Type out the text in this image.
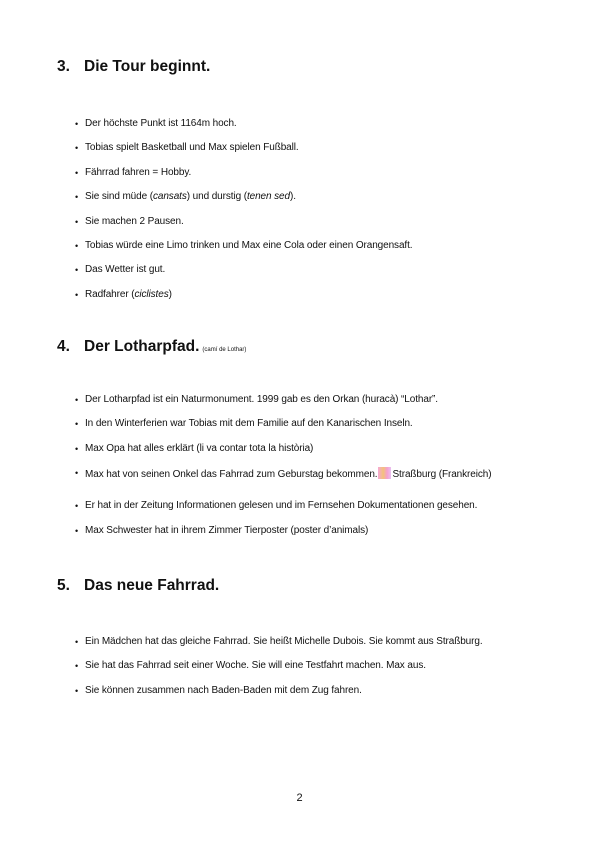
3. Die Tour beginnt.
• Der höchste Punkt ist 1164m hoch.
• Tobias spielt Basketball und Max spielen Fußball.
• Fährrad fahren = Hobby.
• Sie sind müde (cansats) und durstig (tenen sed).
• Sie machen 2 Pausen.
• Tobias würde eine Limo trinken und Max eine Cola oder einen Orangensaft.
• Das Wetter ist gut.
• Radfahrer (ciclistes)
4. Der Lotharpfad. (camí de Lothar)
• Der Lotharpfad ist ein Naturmonument. 1999 gab es den Orkan (huracà) “Lothar”.
• In den Winterferien war Tobias mit dem Familie auf den Kanarischen Inseln.
• Max Opa hat alles erklärt (li va contar tota la història)
• Max hat von seinen Onkel das Fahrrad zum Geburstag bekommen. Straßburg (Frankreich)
• Er hat in der Zeitung Informationen gelesen und im Fernsehen Dokumentationen gesehen.
• Max Schwester hat in ihrem Zimmer Tierposter (poster d’animals)
5. Das neue Fahrrad.
• Ein Mädchen hat das gleiche Fahrrad. Sie heißt Michelle Dubois. Sie kommt aus Straßburg.
• Sie hat das Fahrrad seit einer Woche. Sie will eine Testfahrt machen. Max aus.
• Sie können zusammen nach Baden-Baden mit dem Zug fahren.
2
